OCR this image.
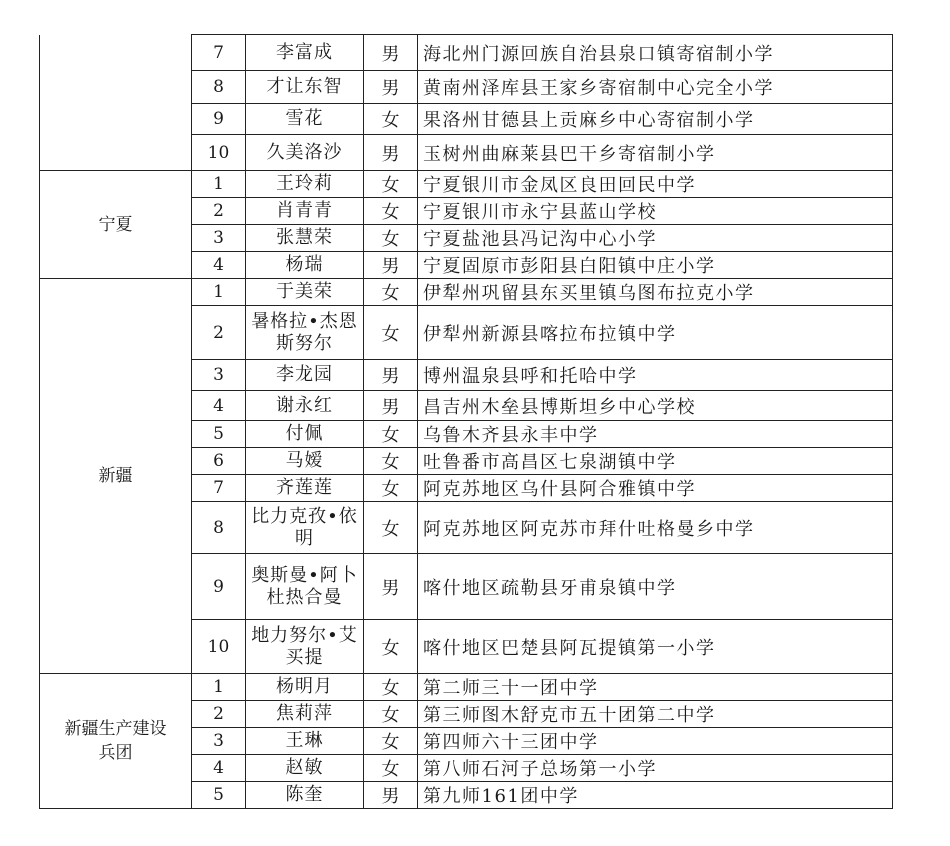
	7	李富成	男	海北州门源回族自治县泉口镇寄宿制小学
	8	才让东智	男	黄南州泽库县王家乡寄宿制中心完全小学
	9	雪花	女	果洛州甘德县上贡麻乡中心寄宿制小学
	10	久美洛沙	男	玉树州曲麻莱县巴干乡寄宿制小学
宁夏	1	王玲莉	女	宁夏银川市金凤区良田回民中学
	2	肖青青	女	宁夏银川市永宁县蓝山学校
	3	张慧荣	女	宁夏盐池县冯记沟中心小学
	4	杨瑞	男	宁夏固原市彭阳县白阳镇中庄小学
新疆	1	于美荣	女	伊犁州巩留县东买里镇乌图布拉克小学
	2	暑格拉•杰恩斯努尔	女	伊犁州新源县喀拉布拉镇中学
	3	李龙园	男	博州温泉县呼和托哈中学
	4	谢永红	男	昌吉州木垒县博斯坦乡中心学校
	5	付佩	女	乌鲁木齐县永丰中学
	6	马嫒	女	吐鲁番市高昌区七泉湖镇中学
	7	齐莲莲	女	阿克苏地区乌什县阿合雅镇中学
	8	比力克孜•依明	女	阿克苏地区阿克苏市拜什吐格曼乡中学
	9	奥斯曼•阿卜杜热合曼	男	喀什地区疏勒县牙甫泉镇中学
	10	地力努尔•艾买提	女	喀什地区巴楚县阿瓦提镇第一小学
新疆生产建设兵团	1	杨明月	女	第二师三十一团中学
	2	焦莉萍	女	第三师图木舒克市五十团第二中学
	3	王琳	女	第四师六十三团中学
	4	赵敏	女	第八师石河子总场第一小学
	5	陈奎	男	第九师161团中学
